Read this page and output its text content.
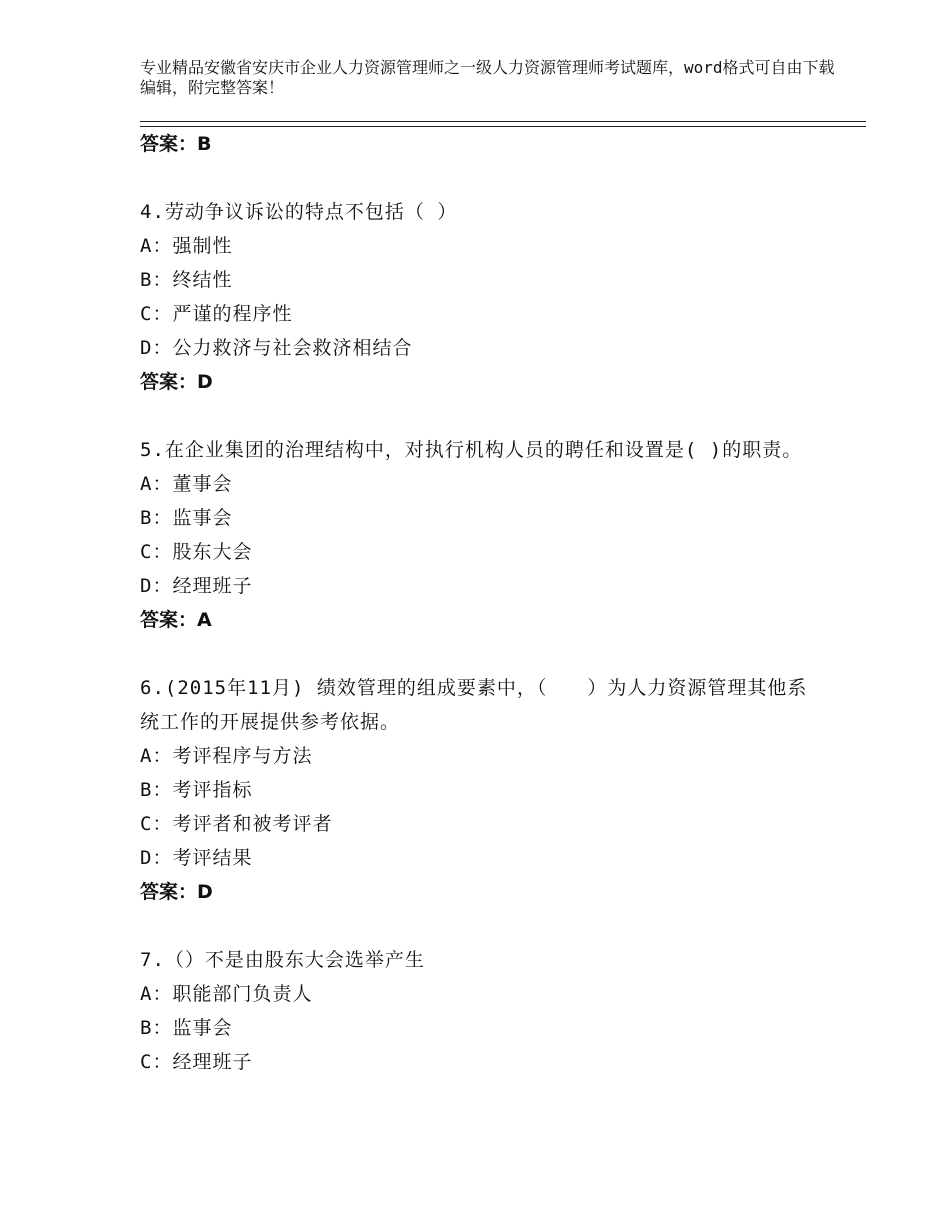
专业精品安徽省安庆市企业人力资源管理师之一级人力资源管理师考试题库，word格式可自由下载编辑，附完整答案！
答案：B
4.劳动争议诉讼的特点不包括（ ）
A：强制性
B：终结性
C：严谨的程序性
D：公力救济与社会救济相结合
答案：D
5.在企业集团的治理结构中，对执行机构人员的聘任和设置是( )的职责。
A：董事会
B：监事会
C：股东大会
D：经理班子
答案：A
6.(2015年11月) 绩效管理的组成要素中，（　　）为人力资源管理其他系统工作的开展提供参考依据。
A：考评程序与方法
B：考评指标
C：考评者和被考评者
D：考评结果
答案：D
7.（）不是由股东大会选举产生
A：职能部门负责人
B：监事会
C：经理班子
